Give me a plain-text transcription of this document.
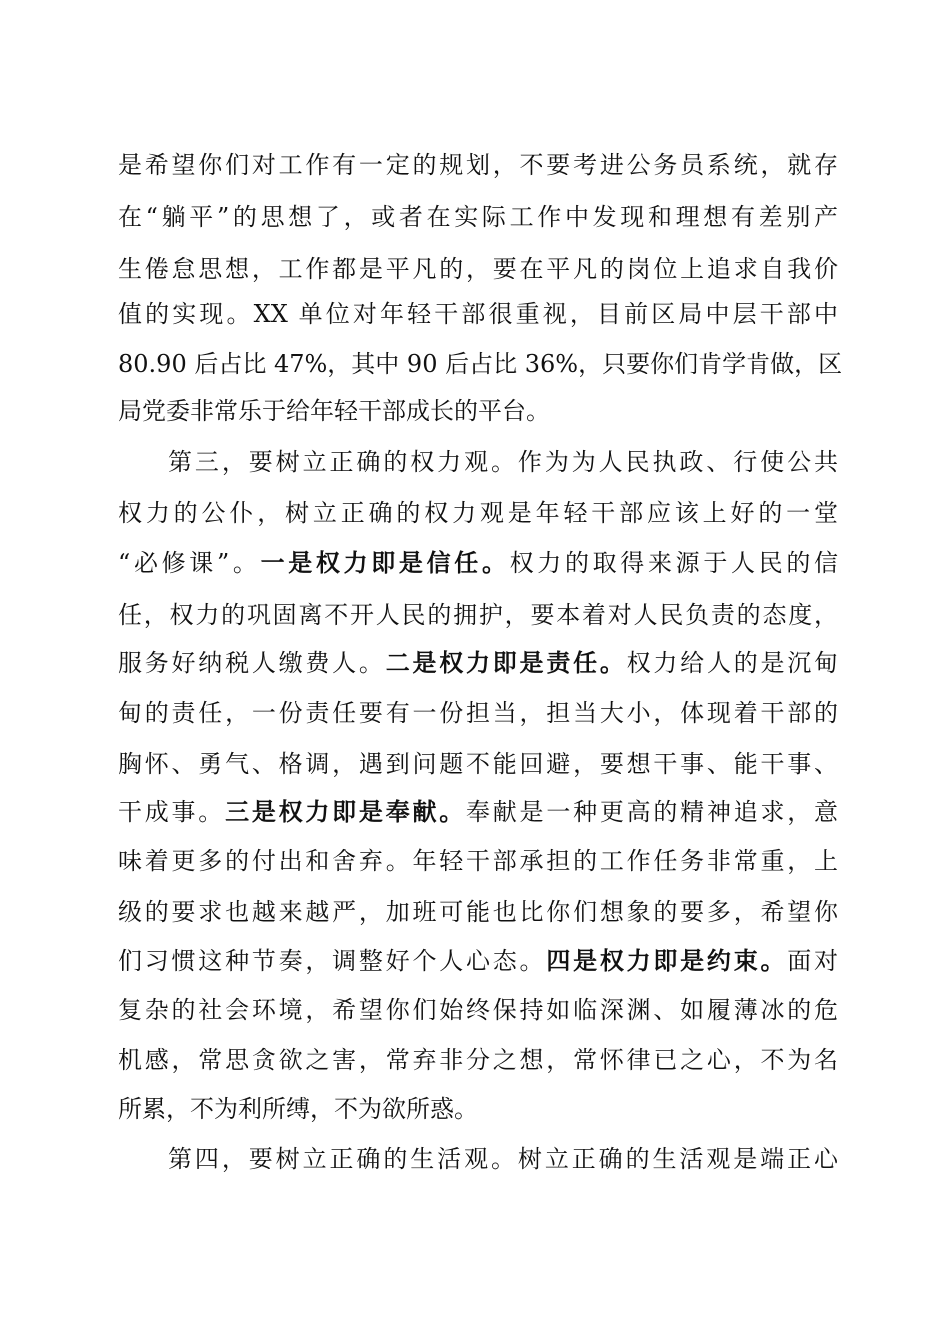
是希望你们对工作有一定的规划，不要考进公务员系统，就存
在“躺平”的思想了，或者在实际工作中发现和理想有差别产
生倦怠思想，工作都是平凡的，要在平凡的岗位上追求自我价
值的实现。XX 单位对年轻干部很重视，目前区局中层干部中
80.90 后占比 47%，其中 90 后占比 36%，只要你们肯学肯做，区
局党委非常乐于给年轻干部成长的平台。
第三，要树立正确的权力观。作为为人民执政、行使公共
权力的公仆，树立正确的权力观是年轻干部应该上好的一堂
“必修课”。一是权力即是信任。权力的取得来源于人民的信
任，权力的巩固离不开人民的拥护，要本着对人民负责的态度，
服务好纳税人缴费人。二是权力即是责任。权力给人的是沉甸
甸的责任，一份责任要有一份担当，担当大小，体现着干部的
胸怀、勇气、格调，遇到问题不能回避，要想干事、能干事、
干成事。三是权力即是奉献。奉献是一种更高的精神追求，意
味着更多的付出和舍弃。年轻干部承担的工作任务非常重，上
级的要求也越来越严，加班可能也比你们想象的要多，希望你
们习惯这种节奏，调整好个人心态。四是权力即是约束。面对
复杂的社会环境，希望你们始终保持如临深渊、如履薄冰的危
机感，常思贪欲之害，常弃非分之想，常怀律已之心，不为名
所累，不为利所缚，不为欲所惑。
第四，要树立正确的生活观。树立正确的生活观是端正心
